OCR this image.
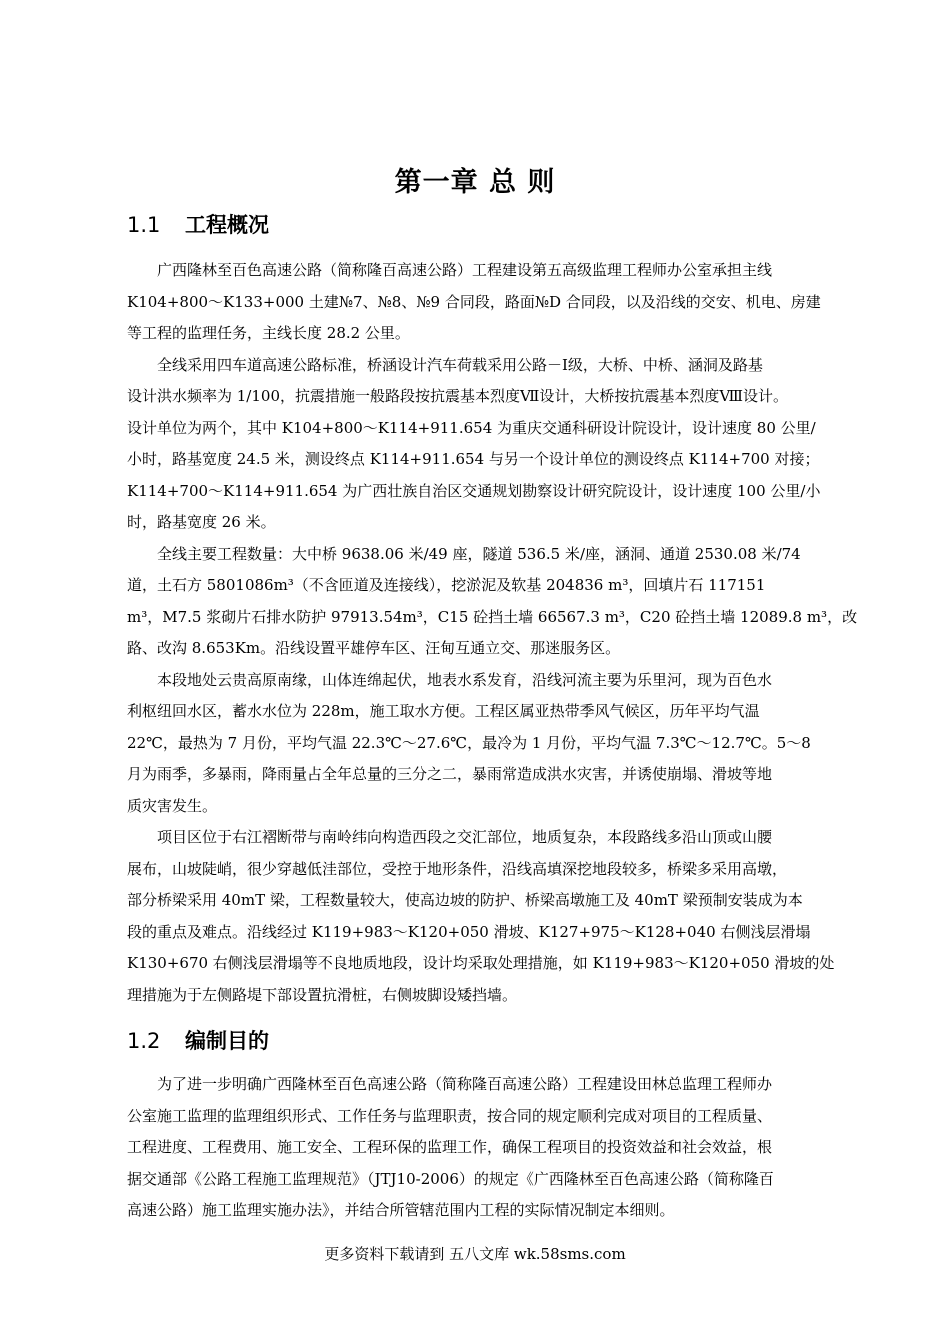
第一章 总 则
1.1 工程概况
　　广西隆林至百色高速公路（简称隆百高速公路）工程建设第五高级监理工程师办公室承担主线
K104+800～K133+000 土建№7、№8、№9 合同段，路面№D 合同段，以及沿线的交安、机电、房建
等工程的监理任务，主线长度 28.2 公里。
　　全线采用四车道高速公路标准，桥涵设计汽车荷载采用公路－Ⅰ级，大桥、中桥、涵洞及路基
设计洪水频率为 1/100，抗震措施一般路段按抗震基本烈度Ⅶ设计，大桥按抗震基本烈度Ⅷ设计。
设计单位为两个，其中 K104+800～K114+911.654 为重庆交通科研设计院设计，设计速度 80 公里/
小时，路基宽度 24.5 米，测设终点 K114+911.654 与另一个设计单位的测设终点 K114+700 对接；
K114+700～K114+911.654 为广西壮族自治区交通规划勘察设计研究院设计，设计速度 100 公里/小
时，路基宽度 26 米。
　　全线主要工程数量：大中桥 9638.06 米/49 座，隧道 536.5 米/座，涵洞、通道 2530.08 米/74
道，土石方 5801086m³（不含匝道及连接线），挖淤泥及软基 204836 m³，回填片石 117151
m³，M7.5 浆砌片石排水防护 97913.54m³，C15 砼挡土墙 66567.3 m³，C20 砼挡土墙 12089.8 m³，改
路、改沟 8.653Km。沿线设置平雄停车区、汪甸互通立交、那迷服务区。
　　本段地处云贵高原南缘，山体连绵起伏，地表水系发育，沿线河流主要为乐里河，现为百色水
利枢纽回水区，蓄水水位为 228m，施工取水方便。工程区属亚热带季风气候区，历年平均气温
22℃，最热为 7 月份，平均气温 22.3℃～27.6℃，最冷为 1 月份，平均气温 7.3℃～12.7℃。5～8
月为雨季，多暴雨，降雨量占全年总量的三分之二，暴雨常造成洪水灾害，并诱使崩塌、滑坡等地
质灾害发生。
　　项目区位于右江褶断带与南岭纬向构造西段之交汇部位，地质复杂，本段路线多沿山顶或山腰
展布，山坡陡峭，很少穿越低洼部位，受控于地形条件，沿线高填深挖地段较多，桥梁多采用高墩，
部分桥梁采用 40mT 梁，工程数量较大，使高边坡的防护、桥梁高墩施工及 40mT 梁预制安装成为本
段的重点及难点。沿线经过 K119+983～K120+050 滑坡、K127+975～K128+040 右侧浅层滑塌
K130+670 右侧浅层滑塌等不良地质地段，设计均采取处理措施，如 K119+983～K120+050 滑坡的处
理措施为于左侧路堤下部设置抗滑桩，右侧坡脚设矮挡墙。
1.2 编制目的
　　为了进一步明确广西隆林至百色高速公路（简称隆百高速公路）工程建设田林总监理工程师办
公室施工监理的监理组织形式、工作任务与监理职责，按合同的规定顺利完成对项目的工程质量、
工程进度、工程费用、施工安全、工程环保的监理工作，确保工程项目的投资效益和社会效益，根
据交通部《公路工程施工监理规范》（JTJ10-2006）的规定《广西隆林至百色高速公路（简称隆百
高速公路）施工监理实施办法》，并结合所管辖范围内工程的实际情况制定本细则。
更多资料下载请到 五八文库 wk.58sms.com
